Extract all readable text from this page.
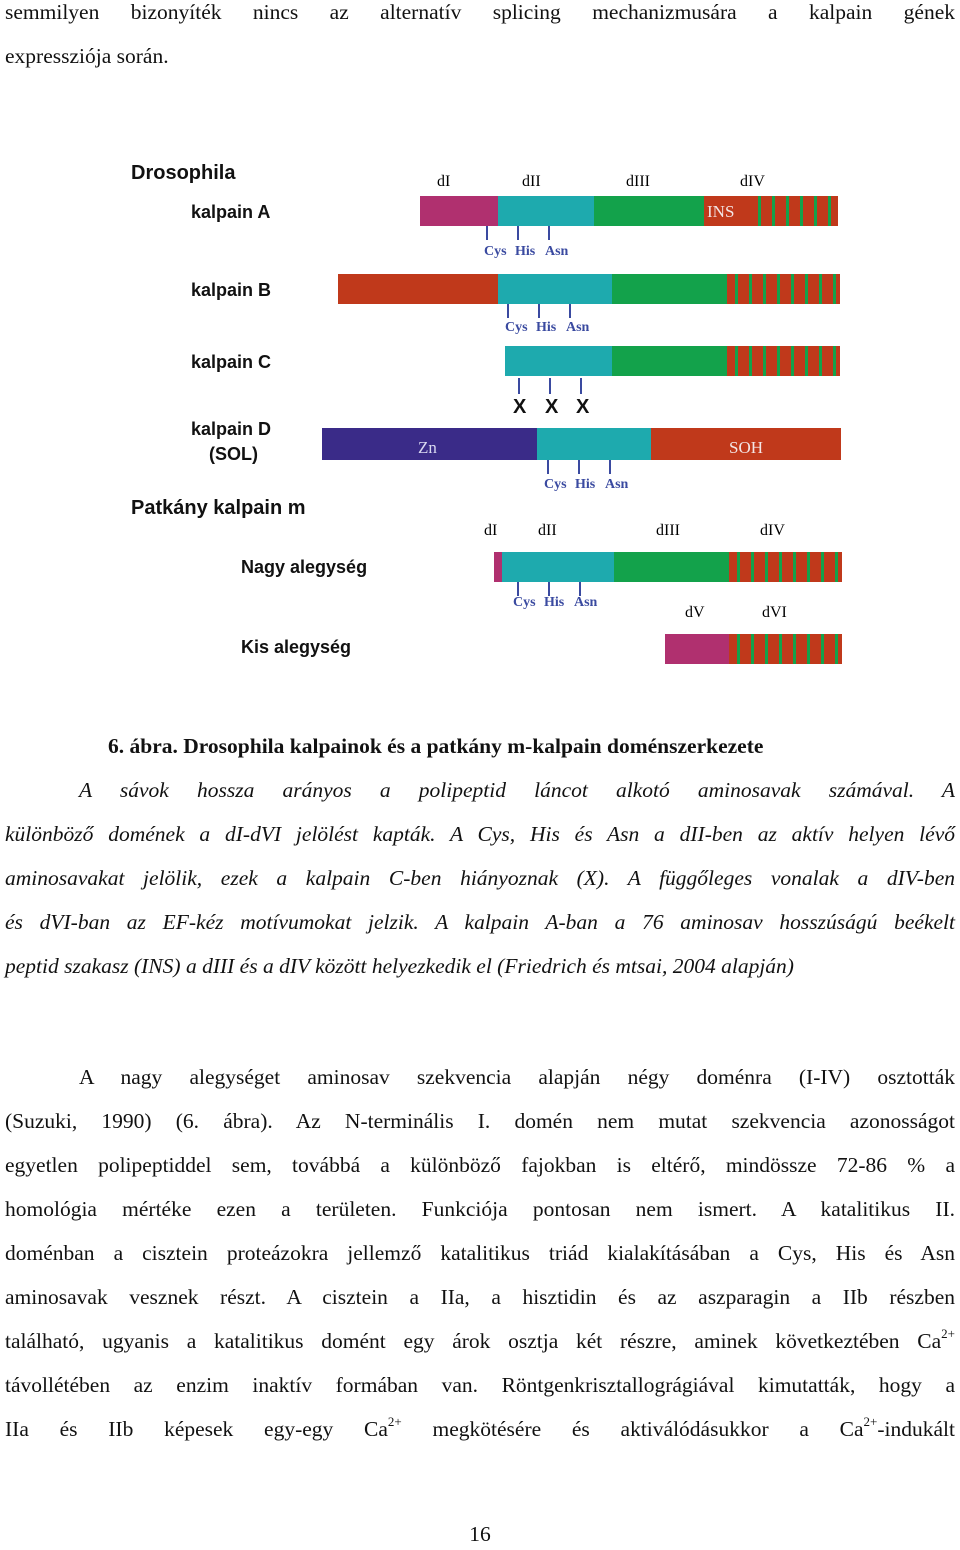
semmilyen bizonyíték nincs az alternatív splicing mechanizmusára a kalpain gének
expressziója során.
Drosophila
kalpain A
kalpain B
kalpain C
kalpain D
(SOL)
Patkány kalpain m
Nagy alegység
Kis alegység
dI	dII	dIII	dIV
dI	dII	dIII	dIV
dV	dVI
INS
Zn	SOH
Cys His Asn
Cys His Asn
Cys His Asn
Cys His Asn
X X X
6. ábra. Drosophila kalpainok és a patkány m-kalpain doménszerkezete
A sávok hossza arányos a polipeptid láncot alkotó aminosavak számával. A
különböző domének a dI-dVI jelölést kapták. A Cys, His és Asn a dII-ben az aktív helyen lévő
aminosavakat jelölik, ezek a kalpain C-ben hiányoznak (X). A függőleges vonalak a dIV-ben
és dVI-ban az EF-kéz motívumokat jelzik. A kalpain A-ban a 76 aminosav hosszúságú beékelt
peptid szakasz (INS) a dIII és a dIV között helyezkedik el (Friedrich és mtsai, 2004 alapján)
A nagy alegységet aminosav szekvencia alapján négy doménra (I-IV) osztották
(Suzuki, 1990) (6. ábra). Az N-terminális I. domén nem mutat szekvencia azonosságot
egyetlen polipeptiddel sem, továbbá a különböző fajokban is eltérő, mindössze 72-86 % a
homológia mértéke ezen a területen. Funkciója pontosan nem ismert. A katalitikus II.
doménban a cisztein proteázokra jellemző katalitikus triád kialakításában a Cys, His és Asn
aminosavak vesznek részt. A cisztein a IIa, a hisztidin és az aszparagin a IIb részben
található, ugyanis a katalitikus domént egy árok osztja két részre, aminek következtében $Ca^{2+}$
távollétében az enzim inaktív formában van. Röntgenkrisztallográgiával kimutatták, hogy a
IIa és IIb képesek egy-egy $Ca^{2+}$ megkötésére és aktiválódásukkor a $Ca^{2+}$-indukált
16
